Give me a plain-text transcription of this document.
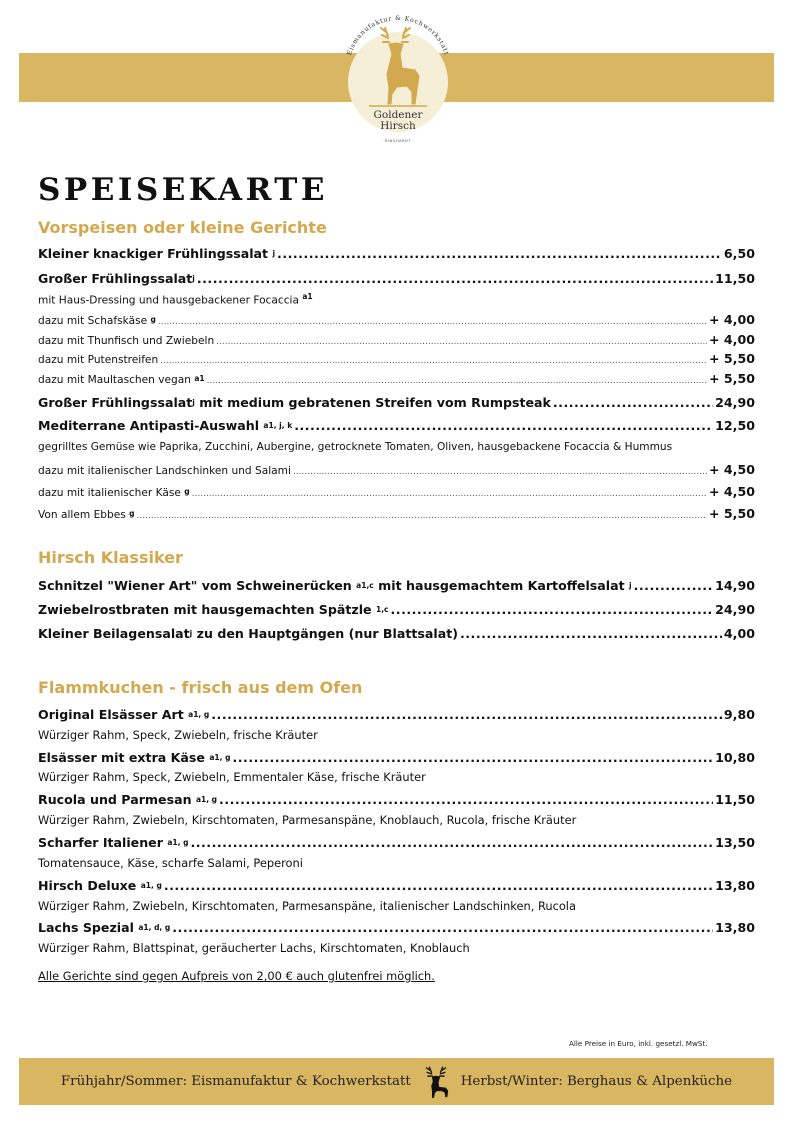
Eismanufaktur & Kochwerkstatt
Goldener
Hirsch
· RINGHARDT ·
SPEISEKARTE
Vorspeisen oder kleine Gerichte
Kleiner knackiger Frühlingssalat $^j$ .....	6,50
Großer Frühlingssalat$^j$ .....	11,50
mit Haus-Dressing und hausgebackener Focaccia $^{a1}$
dazu mit Schafskäse $^g$ .....	+ 4,00
dazu mit Thunfisch und Zwiebeln .....	+ 4,00
dazu mit Putenstreifen .....	+ 5,50
dazu mit Maultaschen vegan $^{a1}$ .....	+ 5,50
Großer Frühlingssalat$^j$ mit medium gebratenen Streifen vom Rumpsteak .....	24,90
Mediterrane Antipasti-Auswahl $^{a1, j, k}$ .....	12,50
gegrilltes Gemüse wie Paprika, Zucchini, Aubergine, getrocknete Tomaten, Oliven, hausgebackene Focaccia & Hummus
dazu mit italienischer Landschinken und Salami .....	+ 4,50
dazu mit italienischer Käse $^g$ .....	+ 4,50
Von allem Ebbes $^g$ .....	+ 5,50
Hirsch Klassiker
Schnitzel "Wiener Art" vom Schweinerücken $^{a1,c}$ mit hausgemachtem Kartoffelsalat $^j$ .....	14,90
Zwiebelrostbraten mit hausgemachten Spätzle $^{1,c}$ .....	24,90
Kleiner Beilagensalat$^j$ zu den Hauptgängen (nur Blattsalat) .....	4,00
Flammkuchen - frisch aus dem Ofen
Original Elsässer Art $^{a1, g}$ .....	9,80
Würziger Rahm, Speck, Zwiebeln, frische Kräuter
Elsässer mit extra Käse $^{a1, g}$ .....	10,80
Würziger Rahm, Speck, Zwiebeln, Emmentaler Käse, frische Kräuter
Rucola und Parmesan $^{a1, g}$ .....	11,50
Würziger Rahm, Zwiebeln, Kirschtomaten, Parmesanspäne, Knoblauch, Rucola, frische Kräuter
Scharfer Italiener $^{a1, g}$ .....	13,50
Tomatensauce, Käse, scharfe Salami, Peperoni
Hirsch Deluxe $^{a1, g}$ .....	13,80
Würziger Rahm, Zwiebeln, Kirschtomaten, Parmesanspäne, italienischer Landschinken, Rucola
Lachs Spezial $^{a1, d, g}$ .....	13,80
Würziger Rahm, Blattspinat, geräucherter Lachs, Kirschtomaten, Knoblauch
Alle Gerichte sind gegen Aufpreis von 2,00 € auch glutenfrei möglich.
Alle Preise in Euro, inkl. gesetzl. MwSt.
Frühjahr/Sommer: Eismanufaktur & Kochwerkstatt	Herbst/Winter: Berghaus & Alpenküche
